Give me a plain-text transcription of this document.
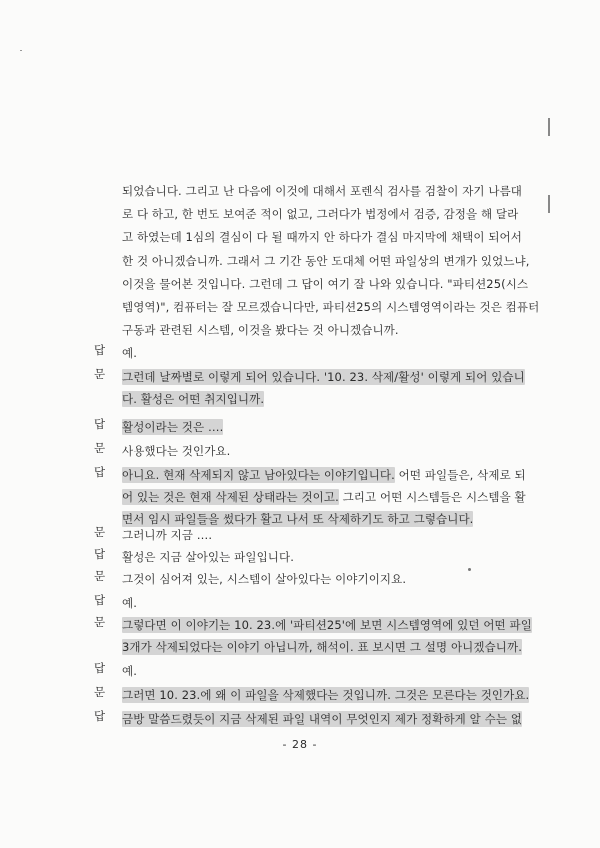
되었습니다. 그리고 난 다음에 이것에 대해서 포렌식 검사를 검찰이 자기 나름대
로 다 하고, 한 번도 보여준 적이 없고, 그러다가 법정에서 검증, 감정을 해 달라
고 하였는데 1심의 결심이 다 될 때까지 안 하다가 결심 마지막에 채택이 되어서
한 것 아니겠습니까. 그래서 그 기간 동안 도대체 어떤 파일상의 변개가 있었느냐,
이것을 물어본 것입니다. 그런데 그 답이 여기 잘 나와 있습니다. "파티션25(시스
템영역)", 컴퓨터는 잘 모르겠습니다만, 파티션25의 시스템영역이라는 것은 컴퓨터
구동과 관련된 시스템, 이것을 봤다는 것 아니겠습니까.
답	예.
문	그런데 날짜별로 이렇게 되어 있습니다. '10. 23. 삭제/활성' 이렇게 되어 있습니
다. 활성은 어떤 취지입니까.
답	활성이라는 것은 ….
문	사용했다는 것인가요.
답	아니요. 현재 삭제되지 않고 남아있다는 이야기입니다. 어떤 파일들은, 삭제로 되
어 있는 것은 현재 삭제된 상태라는 것이고. 그리고 어떤 시스템들은 시스템을 활
면서 임시 파일들을 썼다가 활고 나서 또 삭제하기도 하고 그렇습니다.
문	그러니까 지금 ….
답	활성은 지금 살아있는 파일입니다.
문	그것이 심어져 있는, 시스템이 살아있다는 이야기이지요.
답	예.
문	그렇다면 이 이야기는 10. 23.에 '파티션25'에 보면 시스템영역에 있던 어떤 파일
3개가 삭제되었다는 이야기 아닙니까, 해석이. 표 보시면 그 설명 아니겠습니까.
답	예.
문	그러면 10. 23.에 왜 이 파일을 삭제했다는 것입니까. 그것은 모른다는 것인가요.
답	금방 말씀드렸듯이 지금 삭제된 파일 내역이 무엇인지 제가 정확하게 알 수는 없
- 28 -
